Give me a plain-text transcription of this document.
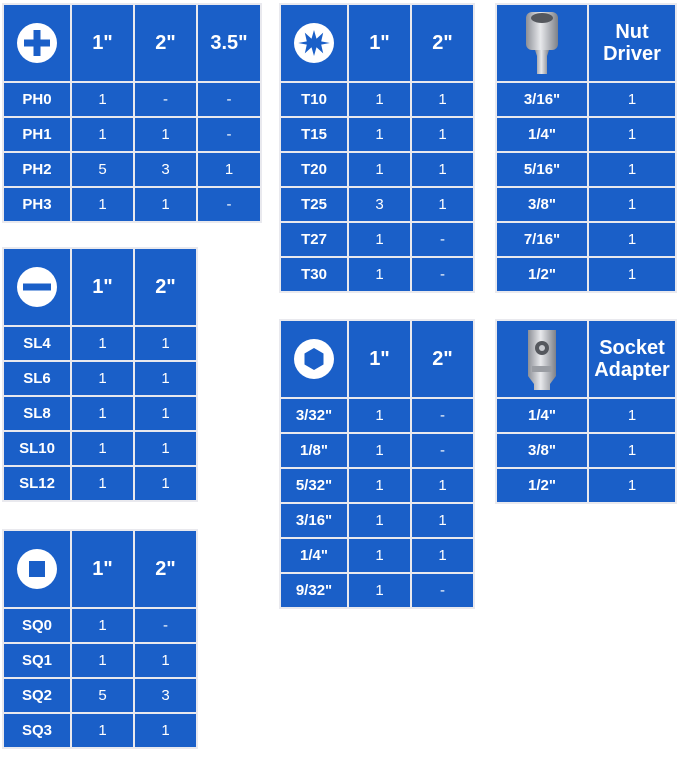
	1"	2"	3.5"
PH0	1	-	-
PH1	1	1	-
PH2	5	3	1
PH3	1	1	-
	1"	2"
SL4	1	1
SL6	1	1
SL8	1	1
SL10	1	1
SL12	1	1
	1"	2"
SQ0	1	-
SQ1	1	1
SQ2	5	3
SQ3	1	1
	1"	2"
T10	1	1
T15	1	1
T20	1	1
T25	3	1
T27	1	-
T30	1	-
	1"	2"
3/32"	1	-
1/8"	1	-
5/32"	1	1
3/16"	1	1
1/4"	1	1
9/32"	1	-
	Nut
Driver
3/16"	1
1/4"	1
5/16"	1
3/8"	1
7/16"	1
1/2"	1
	Socket
Adapter
1/4"	1
3/8"	1
1/2"	1
